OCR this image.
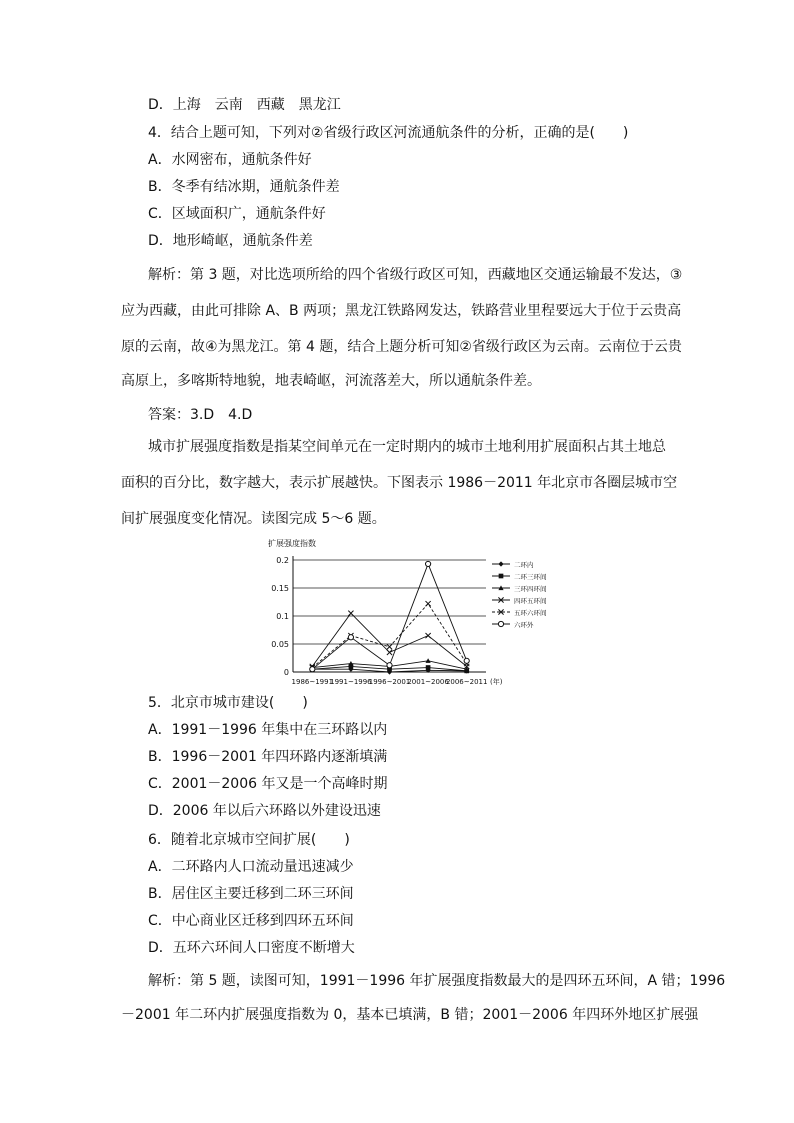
D．上海　云南　西藏　黑龙江
4．结合上题可知，下列对②省级行政区河流通航条件的分析，正确的是(　　)
A．水网密布，通航条件好
B．冬季有结冰期，通航条件差
C．区域面积广，通航条件好
D．地形崎岖，通航条件差
解析：第 3 题，对比选项所给的四个省级行政区可知，西藏地区交通运输最不发达，③
应为西藏，由此可排除 A、B 两项；黑龙江铁路网发达，铁路营业里程要远大于位于云贵高
原的云南，故④为黑龙江。第 4 题，结合上题分析可知②省级行政区为云南。云南位于云贵
高原上，多喀斯特地貌，地表崎岖，河流落差大，所以通航条件差。
答案：3.D　4.D
城市扩展强度指数是指某空间单元在一定时期内的城市土地利用扩展面积占其土地总
面积的百分比，数字越大，表示扩展越快。下图表示 1986－2011 年北京市各圈层城市空
间扩展强度变化情况。读图完成 5～6 题。
扩展强度指数
0
0.05
0.1
0.15
0.2
1986~1991
1991~1996
1996~2001
2001~2006
2006~2011 (年)
二环内
二环三环间
三环四环间
四环五环间
五环六环间
六环外
5．北京市城市建设(　　)
A．1991－1996 年集中在三环路以内
B．1996－2001 年四环路内逐渐填满
C．2001－2006 年又是一个高峰时期
D．2006 年以后六环路以外建设迅速
6．随着北京城市空间扩展(　　)
A．二环路内人口流动量迅速减少
B．居住区主要迁移到二环三环间
C．中心商业区迁移到四环五环间
D．五环六环间人口密度不断增大
解析：第 5 题，读图可知，1991－1996 年扩展强度指数最大的是四环五环间，A 错；1996
－2001 年二环内扩展强度指数为 0，基本已填满，B 错；2001－2006 年四环外地区扩展强
